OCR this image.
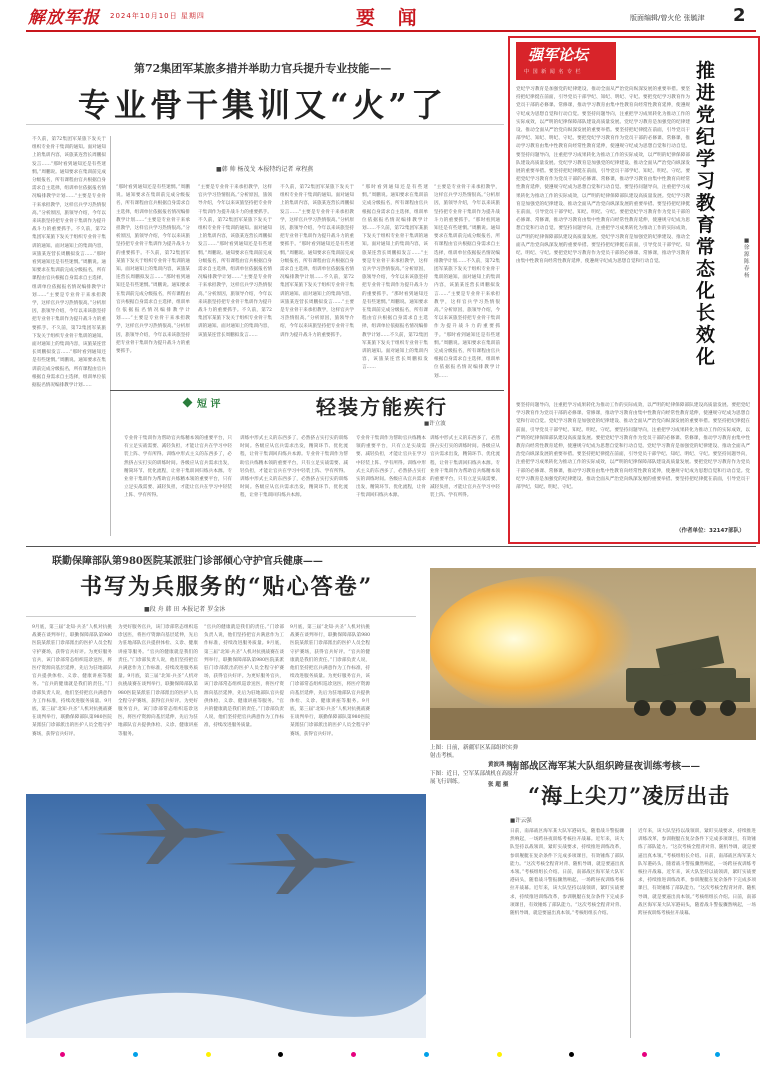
解放军报 2024年10月10日 星期四	要 闻	版面编辑/曾火伦 张毓津 2
第72集团军某旅多措并举助力官兵提升专业技能——
专业骨干集训又“火”了
■韩 帅 杨茂戈 本报特约记者 章程燕
不久前，第72集团军某旅下发关于组织专业骨干集训的通知。面对通知上的集训内容，该旅某连营长周鹏拟发言……“那时看到通知还是有些迷惘。”周鹏说。通知要求在集训前完成分级报名，所有课程由官兵根据自身需求自主选择，组训单位依据报名情况编排教学计划……“主要是专业骨干来承担教学，这样官兵学习热情很高。”分析原因，旅领导介绍，今年以来该旅坚持把专业骨干集训作为提升战斗力的重要抓手。不久前，第72集团军某旅下发关于组织专业骨干集训的通知。面对通知上的集训内容，该旅某连营长周鹏拟发言……“那时看到通知还是有些迷惘。”周鹏说。通知要求在集训前完成分级报名，所有课程由官兵根据自身需求自主选择，组训单位依据报名情况编排教学计划……“主要是专业骨干来承担教学，这样官兵学习热情很高。”分析原因，旅领导介绍，今年以来该旅坚持把专业骨干集训作为提升战斗力的重要抓手。不久前，第72集团军某旅下发关于组织专业骨干集训的通知。面对通知上的集训内容，该旅某连营长周鹏拟发言……“那时看到通知还是有些迷惘。”周鹏说。通知要求在集训前完成分级报名，所有课程由官兵根据自身需求自主选择，组训单位依据报名情况编排教学计划……
“那时看到通知还是有些迷惘。”周鹏说。通知要求在集训前完成分级报名，所有课程由官兵根据自身需求自主选择，组训单位依据报名情况编排教学计划……“主要是专业骨干来承担教学，这样官兵学习热情很高。”分析原因，旅领导介绍，今年以来该旅坚持把专业骨干集训作为提升战斗力的重要抓手。不久前，第72集团军某旅下发关于组织专业骨干集训的通知。面对通知上的集训内容，该旅某连营长周鹏拟发言……“那时看到通知还是有些迷惘。”周鹏说。通知要求在集训前完成分级报名，所有课程由官兵根据自身需求自主选择，组训单位依据报名情况编排教学计划……“主要是专业骨干来承担教学，这样官兵学习热情很高。”分析原因，旅领导介绍，今年以来该旅坚持把专业骨干集训作为提升战斗力的重要抓手。
“主要是专业骨干来承担教学，这样官兵学习热情很高。”分析原因，旅领导介绍，今年以来该旅坚持把专业骨干集训作为提升战斗力的重要抓手。不久前，第72集团军某旅下发关于组织专业骨干集训的通知。面对通知上的集训内容，该旅某连营长周鹏拟发言……“那时看到通知还是有些迷惘。”周鹏说。通知要求在集训前完成分级报名，所有课程由官兵根据自身需求自主选择，组训单位依据报名情况编排教学计划……“主要是专业骨干来承担教学，这样官兵学习热情很高。”分析原因，旅领导介绍，今年以来该旅坚持把专业骨干集训作为提升战斗力的重要抓手。不久前，第72集团军某旅下发关于组织专业骨干集训的通知。面对通知上的集训内容，该旅某连营长周鹏拟发言……
不久前，第72集团军某旅下发关于组织专业骨干集训的通知。面对通知上的集训内容，该旅某连营长周鹏拟发言……“主要是专业骨干来承担教学，这样官兵学习热情很高。”分析原因，旅领导介绍，今年以来该旅坚持把专业骨干集训作为提升战斗力的重要抓手。“那时看到通知还是有些迷惘。”周鹏说。通知要求在集训前完成分级报名，所有课程由官兵根据自身需求自主选择，组训单位依据报名情况编排教学计划……不久前，第72集团军某旅下发关于组织专业骨干集训的通知。面对通知上的集训内容，该旅某连营长周鹏拟发言……“主要是专业骨干来承担教学，这样官兵学习热情很高。”分析原因，旅领导介绍，今年以来该旅坚持把专业骨干集训作为提升战斗力的重要抓手。
“那时看到通知还是有些迷惘。”周鹏说。通知要求在集训前完成分级报名，所有课程由官兵根据自身需求自主选择，组训单位依据报名情况编排教学计划……不久前，第72集团军某旅下发关于组织专业骨干集训的通知。面对通知上的集训内容，该旅某连营长周鹏拟发言……“主要是专业骨干来承担教学，这样官兵学习热情很高。”分析原因，旅领导介绍，今年以来该旅坚持把专业骨干集训作为提升战斗力的重要抓手。“那时看到通知还是有些迷惘。”周鹏说。通知要求在集训前完成分级报名，所有课程由官兵根据自身需求自主选择，组训单位依据报名情况编排教学计划……不久前，第72集团军某旅下发关于组织专业骨干集训的通知。面对通知上的集训内容，该旅某连营长周鹏拟发言……
“主要是专业骨干来承担教学，这样官兵学习热情很高。”分析原因，旅领导介绍，今年以来该旅坚持把专业骨干集训作为提升战斗力的重要抓手。“那时看到通知还是有些迷惘。”周鹏说。通知要求在集训前完成分级报名，所有课程由官兵根据自身需求自主选择，组训单位依据报名情况编排教学计划……不久前，第72集团军某旅下发关于组织专业骨干集训的通知。面对通知上的集训内容，该旅某连营长周鹏拟发言……“主要是专业骨干来承担教学，这样官兵学习热情很高。”分析原因，旅领导介绍，今年以来该旅坚持把专业骨干集训作为提升战斗力的重要抓手。“那时看到通知还是有些迷惘。”周鹏说。通知要求在集训前完成分级报名，所有课程由官兵根据自身需求自主选择，组训单位依据报名情况编排教学计划……
短 评	轻装方能疾行
■许立波
专业骨干集训作为帮助官兵练精本领的重要平台，只有立足实战需要、减轻负担，才能让官兵在学习中轻装上阵、学有所得。训练中形式主义的东西多了，必然挤占实打实的训练时间。各级应从官兵需求出发，精简环节、优化流程，让骨干集训回归练兵本源。专业骨干集训作为帮助官兵练精本领的重要平台，只有立足实战需要、减轻负担，才能让官兵在学习中轻装上阵、学有所得。
训练中形式主义的东西多了，必然挤占实打实的训练时间。各级应从官兵需求出发，精简环节、优化流程，让骨干集训回归练兵本源。专业骨干集训作为帮助官兵练精本领的重要平台，只有立足实战需要、减轻负担，才能让官兵在学习中轻装上阵、学有所得。训练中形式主义的东西多了，必然挤占实打实的训练时间。各级应从官兵需求出发，精简环节、优化流程，让骨干集训回归练兵本源。
专业骨干集训作为帮助官兵练精本领的重要平台，只有立足实战需要、减轻负担，才能让官兵在学习中轻装上阵、学有所得。训练中形式主义的东西多了，必然挤占实打实的训练时间。各级应从官兵需求出发，精简环节、优化流程，让骨干集训回归练兵本源。
训练中形式主义的东西多了，必然挤占实打实的训练时间。各级应从官兵需求出发，精简环节、优化流程，让骨干集训回归练兵本源。专业骨干集训作为帮助官兵练精本领的重要平台，只有立足实战需要、减轻负担，才能让官兵在学习中轻装上阵、学有所得。
强军论坛
中 国 新 闻 名 专 栏	推进党纪学习教育常态化长效化
■徐源 陈春杨
党纪学习教育是加强党的纪律建设、推动全面从严治党向纵深发展的重要举措。要坚持把纪律挺在前面，引导党员干部学纪、知纪、明纪、守纪。要把党纪学习教育作为党员干部的必修课、常修课，推动学习教育由集中性教育向经常性教育延伸，使遵规守纪成为思想自觉和行动自觉。要坚持问题导向，注重把学习成果转化为推动工作的实际成效，以严明的纪律保障部队建设高质量发展。党纪学习教育是加强党的纪律建设、推动全面从严治党向纵深发展的重要举措。要坚持把纪律挺在前面，引导党员干部学纪、知纪、明纪、守纪。要把党纪学习教育作为党员干部的必修课、常修课，推动学习教育由集中性教育向经常性教育延伸，使遵规守纪成为思想自觉和行动自觉。要坚持问题导向，注重把学习成果转化为推动工作的实际成效，以严明的纪律保障部队建设高质量发展。党纪学习教育是加强党的纪律建设、推动全面从严治党向纵深发展的重要举措。要坚持把纪律挺在前面，引导党员干部学纪、知纪、明纪、守纪。要把党纪学习教育作为党员干部的必修课、常修课，推动学习教育由集中性教育向经常性教育延伸，使遵规守纪成为思想自觉和行动自觉。要坚持问题导向，注重把学习成果转化为推动工作的实际成效，以严明的纪律保障部队建设高质量发展。党纪学习教育是加强党的纪律建设、推动全面从严治党向纵深发展的重要举措。要坚持把纪律挺在前面，引导党员干部学纪、知纪、明纪、守纪。要把党纪学习教育作为党员干部的必修课、常修课，推动学习教育由集中性教育向经常性教育延伸，使遵规守纪成为思想自觉和行动自觉。要坚持问题导向，注重把学习成果转化为推动工作的实际成效，以严明的纪律保障部队建设高质量发展。党纪学习教育是加强党的纪律建设、推动全面从严治党向纵深发展的重要举措。要坚持把纪律挺在前面，引导党员干部学纪、知纪、明纪、守纪。要把党纪学习教育作为党员干部的必修课、常修课，推动学习教育由集中性教育向经常性教育延伸，使遵规守纪成为思想自觉和行动自觉。
要坚持问题导向，注重把学习成果转化为推动工作的实际成效，以严明的纪律保障部队建设高质量发展。要把党纪学习教育作为党员干部的必修课、常修课，推动学习教育由集中性教育向经常性教育延伸，使遵规守纪成为思想自觉和行动自觉。党纪学习教育是加强党的纪律建设、推动全面从严治党向纵深发展的重要举措。要坚持把纪律挺在前面，引导党员干部学纪、知纪、明纪、守纪。要坚持问题导向，注重把学习成果转化为推动工作的实际成效，以严明的纪律保障部队建设高质量发展。要把党纪学习教育作为党员干部的必修课、常修课，推动学习教育由集中性教育向经常性教育延伸，使遵规守纪成为思想自觉和行动自觉。党纪学习教育是加强党的纪律建设、推动全面从严治党向纵深发展的重要举措。要坚持把纪律挺在前面，引导党员干部学纪、知纪、明纪、守纪。要坚持问题导向，注重把学习成果转化为推动工作的实际成效，以严明的纪律保障部队建设高质量发展。要把党纪学习教育作为党员干部的必修课、常修课，推动学习教育由集中性教育向经常性教育延伸，使遵规守纪成为思想自觉和行动自觉。党纪学习教育是加强党的纪律建设、推动全面从严治党向纵深发展的重要举措。要坚持把纪律挺在前面，引导党员干部学纪、知纪、明纪、守纪。
（作者单位：32147部队）
联勤保障部队第980医院某派驻门诊部倾心守护官兵健康——
书写为兵服务的“贴心答卷”
■段 舟 韩 田 本报记者 罗金沐
9月底，第三届“北知·兵圣”人机对抗挑战赛在谈判举行，联勤保障部队第980医院某派驻门诊部派出的医护人员全程守护赛场，获得官兵好评。为更好服务官兵，该门诊部常态组织巡诊送医，将医疗资源向基层延伸，先后为驻地部队官兵提供体检、义诊、健康讲座等服务。“官兵的健康就是我们的责任。”门诊部负责人说，他们坚持把官兵满意作为工作标准，持续改进服务质量。9月底，第三届“北知·兵圣”人机对抗挑战赛在谈判举行，联勤保障部队第980医院某派驻门诊部派出的医护人员全程守护赛场，获得官兵好评。
为更好服务官兵，该门诊部常态组织巡诊送医，将医疗资源向基层延伸，先后为驻地部队官兵提供体检、义诊、健康讲座等服务。“官兵的健康就是我们的责任。”门诊部负责人说，他们坚持把官兵满意作为工作标准，持续改进服务质量。9月底，第三届“北知·兵圣”人机对抗挑战赛在谈判举行，联勤保障部队第980医院某派驻门诊部派出的医护人员全程守护赛场，获得官兵好评。为更好服务官兵，该门诊部常态组织巡诊送医，将医疗资源向基层延伸，先后为驻地部队官兵提供体检、义诊、健康讲座等服务。
“官兵的健康就是我们的责任。”门诊部负责人说，他们坚持把官兵满意作为工作标准，持续改进服务质量。9月底，第三届“北知·兵圣”人机对抗挑战赛在谈判举行，联勤保障部队第980医院某派驻门诊部派出的医护人员全程守护赛场，获得官兵好评。为更好服务官兵，该门诊部常态组织巡诊送医，将医疗资源向基层延伸，先后为驻地部队官兵提供体检、义诊、健康讲座等服务。“官兵的健康就是我们的责任。”门诊部负责人说，他们坚持把官兵满意作为工作标准，持续改进服务质量。
9月底，第三届“北知·兵圣”人机对抗挑战赛在谈判举行，联勤保障部队第980医院某派驻门诊部派出的医护人员全程守护赛场，获得官兵好评。“官兵的健康就是我们的责任。”门诊部负责人说，他们坚持把官兵满意作为工作标准，持续改进服务质量。为更好服务官兵，该门诊部常态组织巡诊送医，将医疗资源向基层延伸，先后为驻地部队官兵提供体检、义诊、健康讲座等服务。9月底，第三届“北知·兵圣”人机对抗挑战赛在谈判举行，联勤保障部队第980医院某派驻门诊部派出的医护人员全程守护赛场，获得官兵好评。
上图：日前，新疆军区某部组织实弹射击考核。
黄波鸿 摄
下图：近日，空军某部战机在高原开展飞行训练。	张 超 摄
南部战区海军某大队组织跨昼夜训练考核——
“海上尖刀”凌厉出击
■许云强
日前，南部战区海军某大队军港码头，随着战斗警报骤然响起，一场跨昼夜训练考核拉开战幕。近年来，该大队坚持以战领训，紧盯实战要求，持续推进训练改革，参训舰艇在复杂条件下完成多项课目，有效锤炼了部队能力。“这次考核全程背对背、随机导调，就是要逼出真本领。”考核组组长介绍。日前，南部战区海军某大队军港码头，随着战斗警报骤然响起，一场跨昼夜训练考核拉开战幕。近年来，该大队坚持以战领训，紧盯实战要求，持续推进训练改革，参训舰艇在复杂条件下完成多项课目，有效锤炼了部队能力。“这次考核全程背对背、随机导调，就是要逼出真本领。”考核组组长介绍。
近年来，该大队坚持以战领训，紧盯实战要求，持续推进训练改革，参训舰艇在复杂条件下完成多项课目，有效锤炼了部队能力。“这次考核全程背对背、随机导调，就是要逼出真本领。”考核组组长介绍。日前，南部战区海军某大队军港码头，随着战斗警报骤然响起，一场跨昼夜训练考核拉开战幕。近年来，该大队坚持以战领训，紧盯实战要求，持续推进训练改革，参训舰艇在复杂条件下完成多项课目，有效锤炼了部队能力。“这次考核全程背对背、随机导调，就是要逼出真本领。”考核组组长介绍。日前，南部战区海军某大队军港码头，随着战斗警报骤然响起，一场跨昼夜训练考核拉开战幕。
